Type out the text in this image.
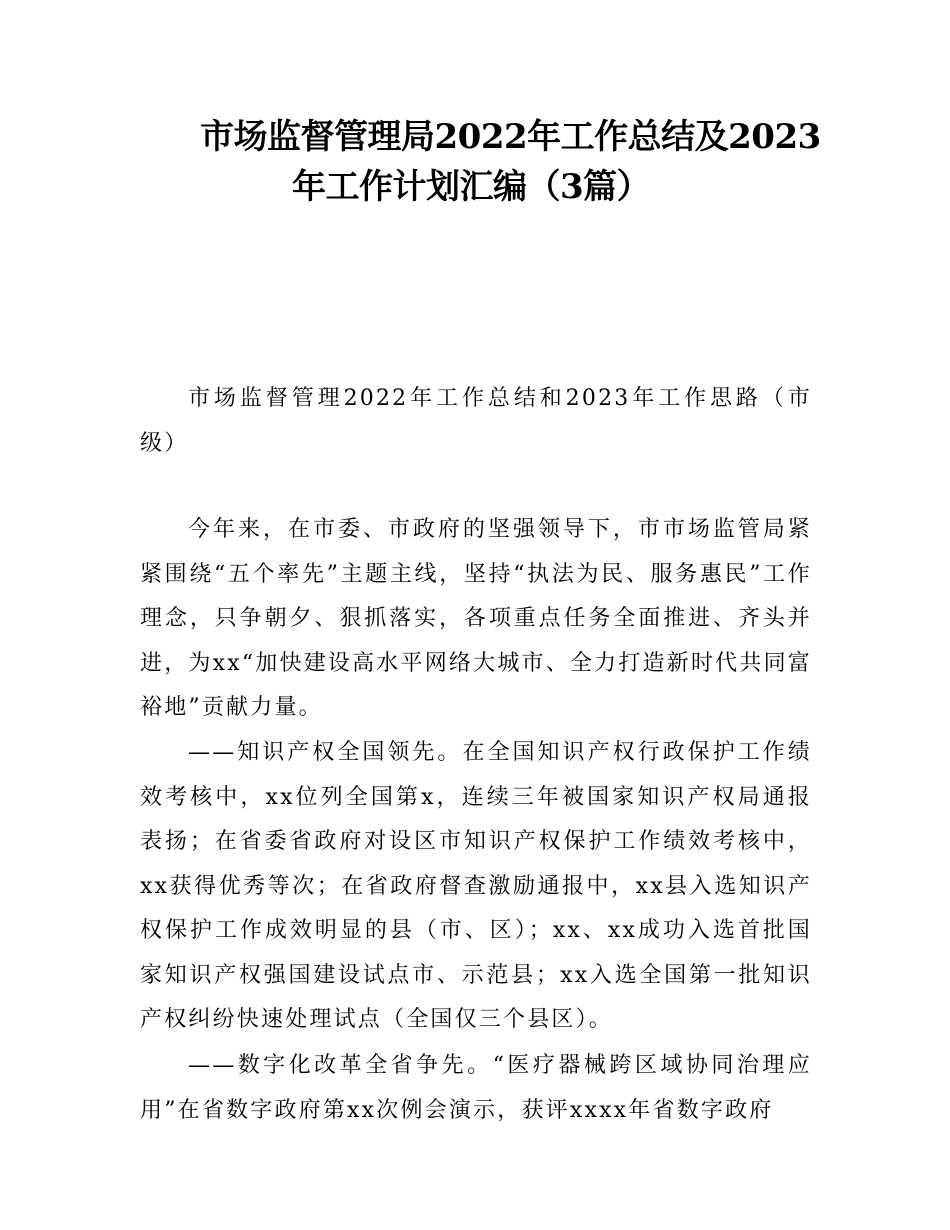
市场监督管理局2022年工作总结及2023
年工作计划汇编（3篇）

市场监督管理2022年工作总结和2023年工作思路（市级）

今年来，在市委、市政府的坚强领导下，市市场监管局紧紧围绕“五个率先”主题主线，坚持“执法为民、服务惠民”工作理念，只争朝夕、狠抓落实，各项重点任务全面推进、齐头并进，为xx“加快建设高水平网络大城市、全力打造新时代共同富裕地”贡献力量。

——知识产权全国领先。在全国知识产权行政保护工作绩效考核中，xx位列全国第x，连续三年被国家知识产权局通报表扬；在省委省政府对设区市知识产权保护工作绩效考核中，xx获得优秀等次；在省政府督查激励通报中，xx县入选知识产权保护工作成效明显的县（市、区）；xx、xx成功入选首批国家知识产权强国建设试点市、示范县；xx入选全国第一批知识产权纠纷快速处理试点（全国仅三个县区）。

——数字化改革全省争先。“医疗器械跨区域协同治理应用”在省数字政府第xx次例会演示，获评xxxx年省数字政府
